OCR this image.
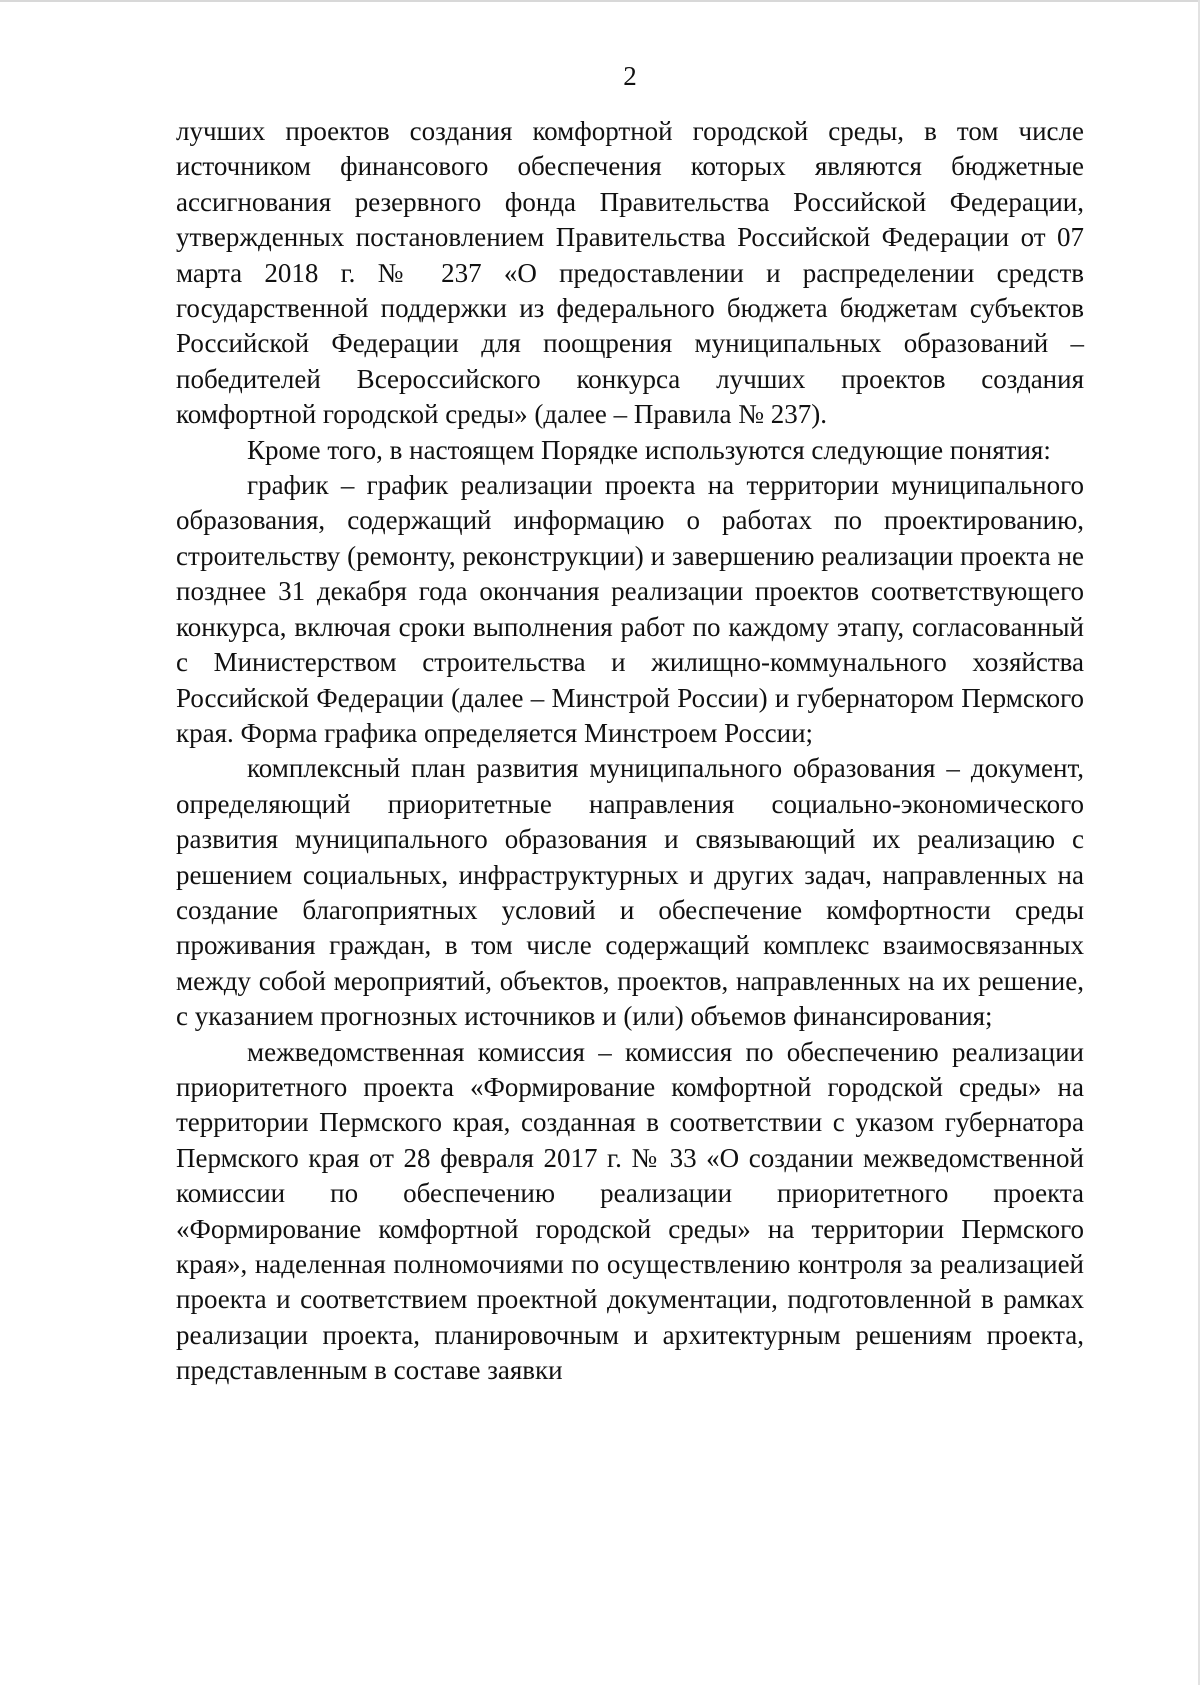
2

лучших проектов создания комфортной городской среды, в том числе источником финансового обеспечения которых являются бюджетные ассигнования резервного фонда Правительства Российской Федерации, утвержденных постановлением Правительства Российской Федерации от 07 марта 2018 г. № 237 «О предоставлении и распределении средств государственной поддержки из федерального бюджета бюджетам субъектов Российской Федерации для поощрения муниципальных образований – победителей Всероссийского конкурса лучших проектов создания комфортной городской среды» (далее – Правила № 237).

Кроме того, в настоящем Порядке используются следующие понятия:

график – график реализации проекта на территории муниципального образования, содержащий информацию о работах по проектированию, строительству (ремонту, реконструкции) и завершению реализации проекта не позднее 31 декабря года окончания реализации проектов соответствующего конкурса, включая сроки выполнения работ по каждому этапу, согласованный с Министерством строительства и жилищно-коммунального хозяйства Российской Федерации (далее – Минстрой России) и губернатором Пермского края. Форма графика определяется Минстроем России;

комплексный план развития муниципального образования – документ, определяющий приоритетные направления социально-экономического развития муниципального образования и связывающий их реализацию с решением социальных, инфраструктурных и других задач, направленных на создание благоприятных условий и обеспечение комфортности среды проживания граждан, в том числе содержащий комплекс взаимосвязанных между собой мероприятий, объектов, проектов, направленных на их решение, с указанием прогнозных источников и (или) объемов финансирования;

межведомственная комиссия – комиссия по обеспечению реализации приоритетного проекта «Формирование комфортной городской среды» на территории Пермского края, созданная в соответствии с указом губернатора Пермского края от 28 февраля 2017 г. № 33 «О создании межведомственной комиссии по обеспечению реализации приоритетного проекта «Формирование комфортной городской среды» на территории Пермского края», наделенная полномочиями по осуществлению контроля за реализацией проекта и соответствием проектной документации, подготовленной в рамках реализации проекта, планировочным и архитектурным решениям проекта, представленным в составе заявки
